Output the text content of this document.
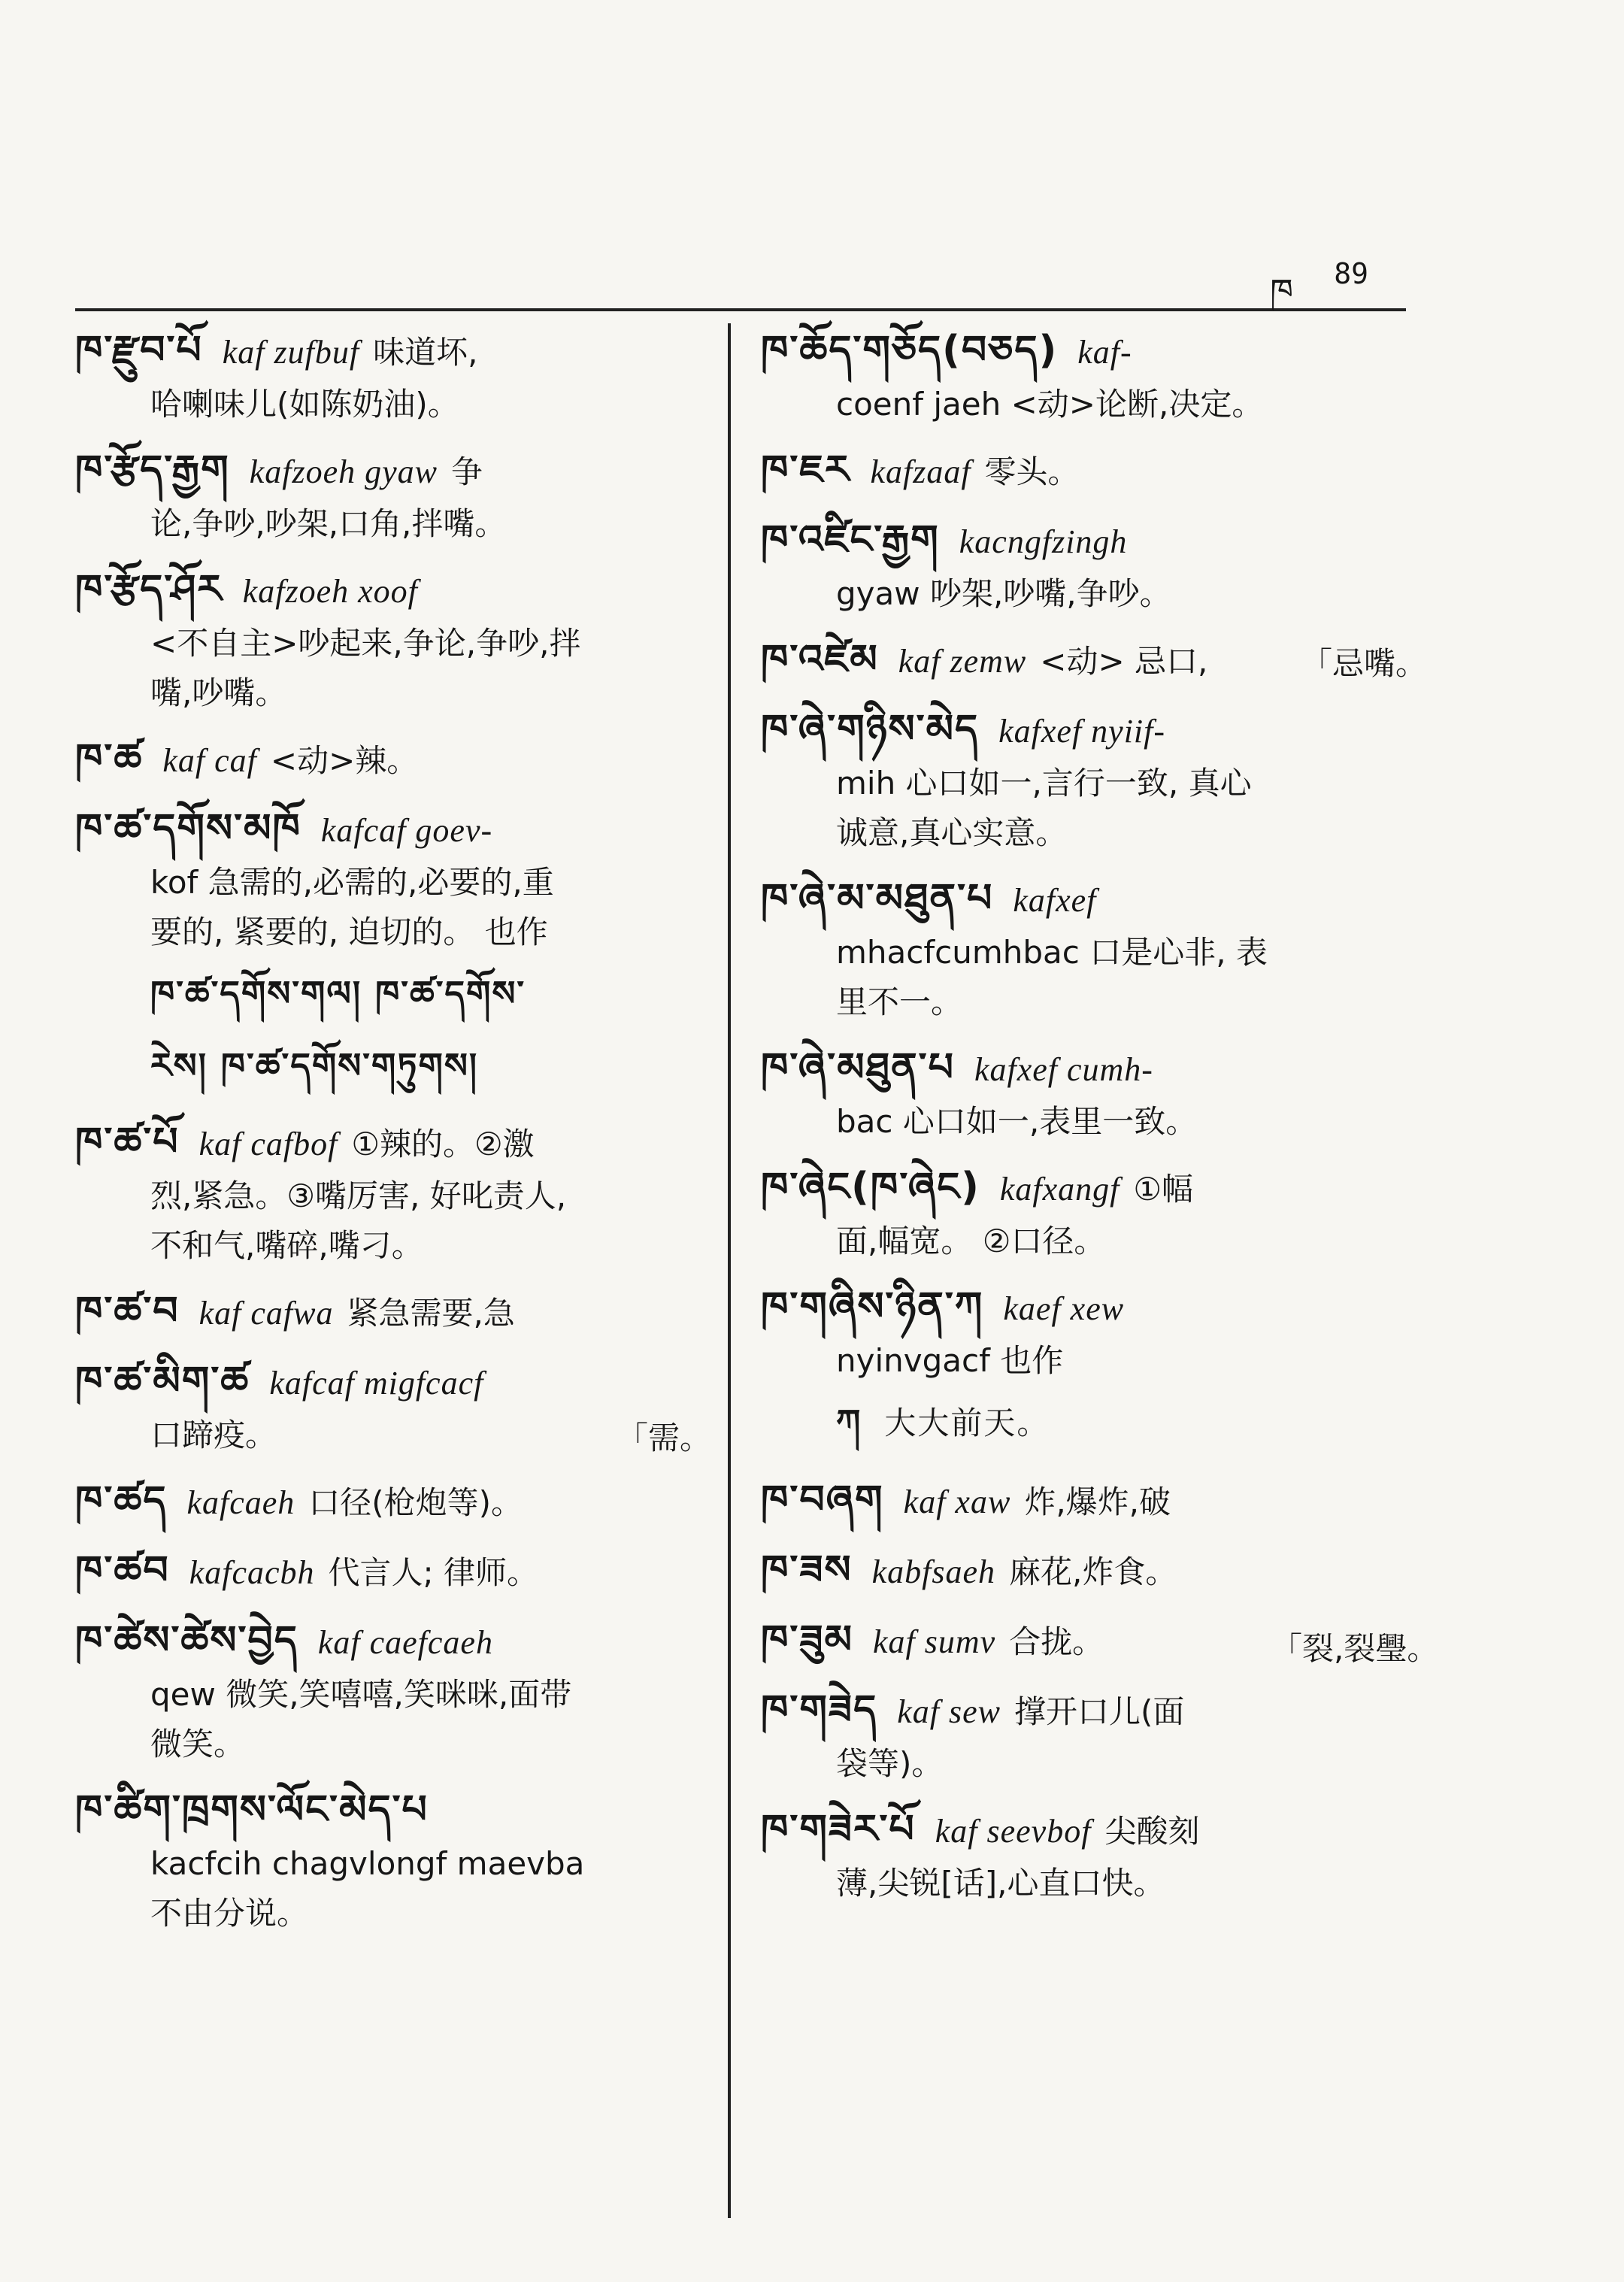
ཁ 89
ཁ་རྫུབ་པོ kaf zufbuf 味道坏,
哈喇味儿(如陈奶油)。
ཁ་རྩོད་རྒྱག kafzoeh gyaw 争
论,争吵,吵架,口角,拌嘴。
ཁ་རྩོད་ཤོར kafzoeh xoof
<不自主>吵起来,争论,争吵,拌
嘴,吵嘴。
ཁ་ཚ kaf caf <动>辣。
ཁ་ཚ་དགོས་མཁོ kafcaf goev-
kof 急需的,必需的,必要的,重
要的, 紧要的, 迫切的。 也作
ཁ་ཚ་དགོས་གལ། ཁ་ཚ་དགོས་
རེས། ཁ་ཚ་དགོས་གཏུགས།
ཁ་ཚ་པོ kaf cafbof ①辣的。②激
烈,紧急。③嘴厉害, 好叱责人,
不和气,嘴碎,嘴刁。
ཁ་ཚ་བ kaf cafwa 紧急需要,急
ཁ་ཚ་མིག་ཚ kafcaf migfcacf
口蹄疫。
ཁ་ཚད kafcaeh 口径(枪炮等)。
ཁ་ཚབ kafcacbh 代言人; 律师。
ཁ་ཚེས་ཚེས་བྱེད kaf caefcaeh
qew 微笑,笑嘻嘻,笑咪咪,面带
微笑。
ཁ་ཚིག་ཁྲགས་ལོང་མེད་པ
kacfcih chagvlongf maevba
不由分说。
ཁ་ཆོད་གཅོད(བཅད) kaf-
coenf jaeh <动>论断,决定。
ཁ་ཇར kafzaaf 零头。
ཁ་འཛིང་རྒྱག kacngfzingh
gyaw 吵架,吵嘴,争吵。
ཁ་འཛེམ kaf zemw <动> 忌口,
ཁ་ཞེ་གཉིས་མེད kafxef nyiif-
mih 心口如一,言行一致, 真心
诚意,真心实意。
ཁ་ཞེ་མ་མཐུན་པ kafxef
mhacfcumhbac 口是心非, 表
里不一。
ཁ་ཞེ་མཐུན་པ kafxef cumh-
bac 心口如一,表里一致。
ཁ་ཞེང(ཁ་ཞེང) kafxangf ①幅
面,幅宽。 ②口径。
ཁ་གཞིས་ཉིན་ཀ kaef xew
nyinvgacf 也作
ཀ 大大前天。
ཁ་བཞག kaf xaw 炸,爆炸,破
ཁ་ཟས kabfsaeh 麻花,炸食。
ཁ་ཟུམ kaf sumv 合拢。
ཁ་གཟེད kaf sew 撑开口儿(面
袋等)。
ཁ་གཟེར་པོ kaf seevbof 尖酸刻
薄,尖锐[话],心直口快。
「需。
「忌嘴。
「裂,裂璺。
